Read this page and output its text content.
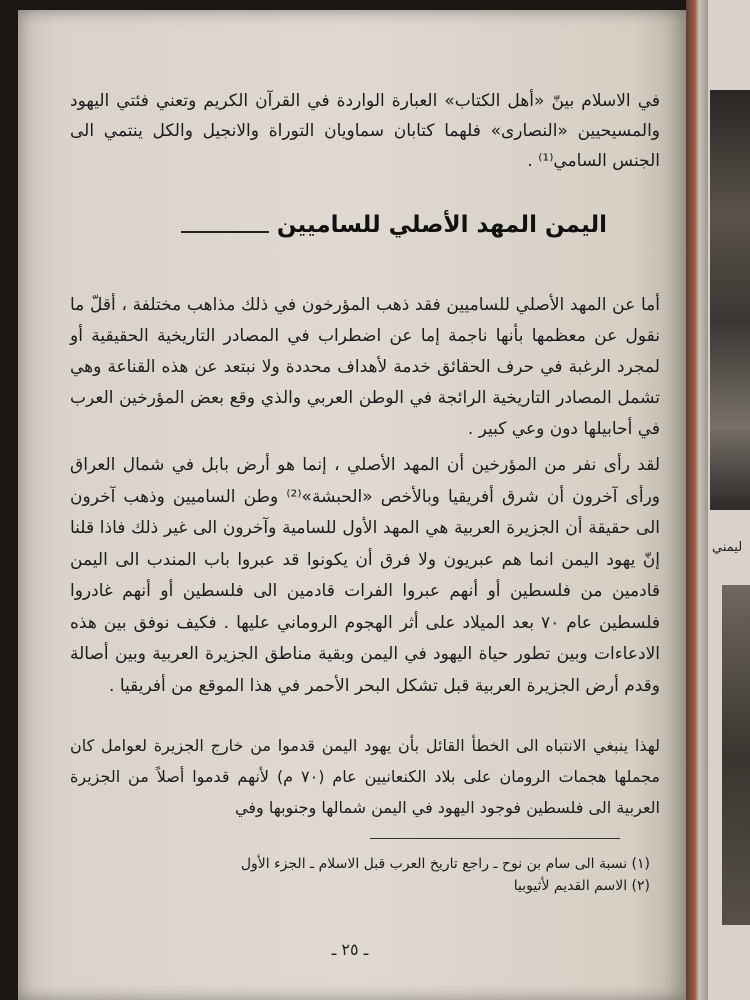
ليمني
في الاسلام بينّ «أهل الكتاب» العبارة الواردة في القرآن الكريم وتعني فئتي اليهود والمسيحيين «النصارى» فلهما كتابان سماويان التوراة والانجيل والكل ينتمي الى الجنس السامي⁽¹⁾ .
اليمن المهد الأصلي للساميين
أما عن المهد الأصلي للساميين فقد ذهب المؤرخون في ذلك مذاهب مختلفة ، أقلّ ما نقول عن معظمها بأنها ناجمة إما عن اضطراب في المصادر التاريخية الحقيقية أو لمجرد الرغبة في حرف الحقائق خدمة لأهداف محددة ولا نبتعد عن هذه القناعة وهي تشمل المصادر التاريخية الرائجة في الوطن العربي والذي وقع بعض المؤرخين العرب في أحابيلها دون وعي كبير .
لقد رأى نفر من المؤرخين أن المهد الأصلي ، إنما هو أرض بابل في شمال العراق ورأى آخرون أن شرق أفريقيا وبالأخص «الحبشة»⁽²⁾ وطن الساميين وذهب آخرون الى حقيقة أن الجزيرة العربية هي المهد الأول للسامية وآخرون الى غير ذلك فاذا قلنا إنّ يهود اليمن انما هم عبريون ولا فرق أن يكونوا قد عبروا باب المندب الى اليمن قادمين من فلسطين أو أنهم عبروا الفرات قادمين الى فلسطين أو أنهم غادروا فلسطين عام ٧٠ بعد الميلاد على أثر الهجوم الروماني عليها . فكيف نوفق بين هذه الادعاءات وبين تطور حياة اليهود في اليمن وبقية مناطق الجزيرة العربية وبين أصالة وقدم أرض الجزيرة العربية قبل تشكل البحر الأحمر في هذا الموقع من أفريقيا .
لهذا ينبغي الانتباه الى الخطأ القائل بأن يهود اليمن قدموا من خارج الجزيرة لعوامل كان مجملها هجمات الرومان على بلاد الكنعانيين عام (٧٠ م) لأنهم قدموا أصلاً من الجزيرة العربية الى فلسطين فوجود اليهود في اليمن شمالها وجنوبها وفي
(١) نسبة الى سام بن نوح ـ راجع تاريخ العرب قبل الاسلام ـ الجزء الأول
(٢) الاسم القديم لأثيوبيا
ـ ٢٥ ـ
